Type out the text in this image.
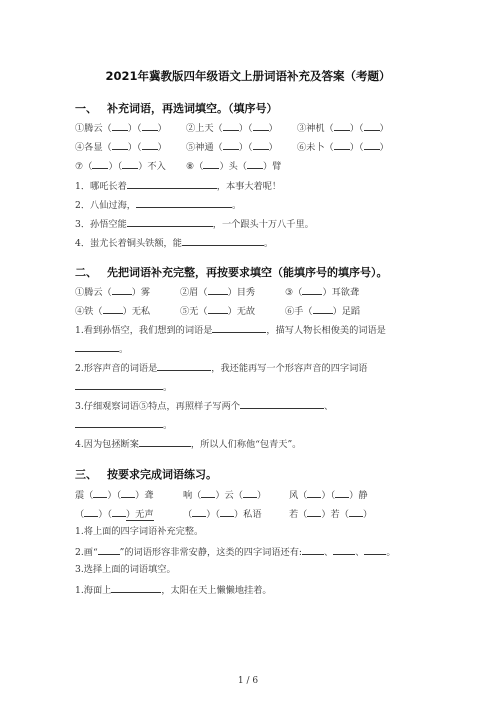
2021年冀教版四年级语文上册词语补充及答案（考题）
一、 补充词语，再选词填空。（填序号）
①腾云（ ）（ ） ②上天（ ）（ ） ③神机（ ）（ ）
④各显（ ）（ ） ⑤神通（ ）（ ） ⑥未卜（ ）（ ）
⑦（ ）（ ）不入 ⑧（ ）头（ ）臂
1．哪吒长着	，本事大着呢！
2．八仙过海，	。
3．孙悟空能	，一个跟头十万八千里。
4．蚩尤长着铜头铁额，能	。
二、 先把词语补充完整，再按要求填空（能填序号的填序号）。
①腾云（ ）雾	②眉（ ）目秀	③（ ）耳欲聋
④铁（ ）无私	⑤无（ ）无故	⑥手（ ）足蹈
1.看到孙悟空，我们想到的词语是	，描写人物长相俊美的词语是
。
2.形容声音的词语是	，我还能再写一个形容声音的四字词语
。
3.仔细观察词语⑤特点，再照样子写两个	、
。
4.因为包拯断案	，所以人们称他“包青天”。
三、 按要求完成词语练习。
震（ ）（ ）聋	响（ ）云（ ） 风（ ）（ ）静
（ ）（ ）无声	（ ）（ ）私语	若（ ）若（ ）
1.将上面的四字词语补充完整。
2.画“ ”的词语形容非常安静，这类的四字词语还有: 、 、 。
3.选择上面的词语填空。
1.海面上	，太阳在天上懒懒地挂着。
1 / 6
